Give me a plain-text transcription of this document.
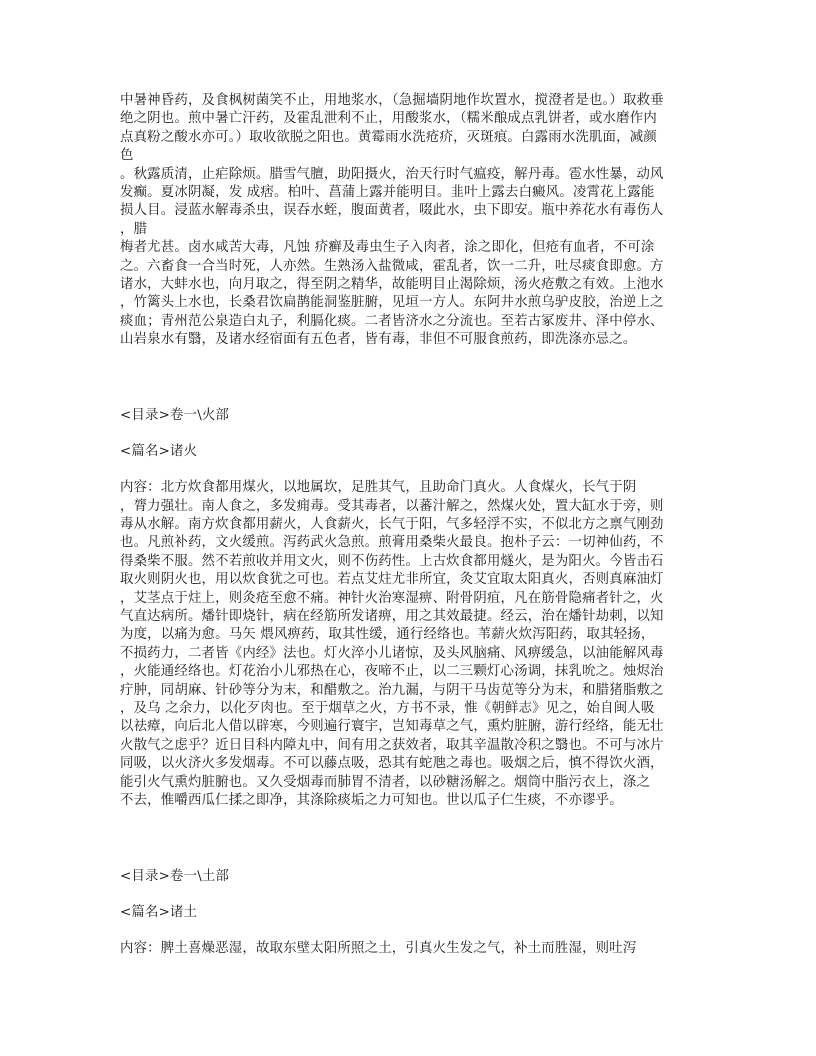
中暑神昏药，及食枫树菌笑不止，用地浆水，（急掘墙阴地作坎置水，搅澄者是也。）取救垂
绝之阴也。煎中暑亡汗药，及霍乱泄利不止，用酸浆水，（糯米酿成点乳饼者，或水磨作内
点真粉之酸水亦可。）取收欲脱之阳也。黄霉雨水洗疮疥，灭斑痕。白露雨水洗肌面，减颜
色
。秋露质清，止疟除烦。腊雪气膻，助阳摄火，治天行时气瘟疫，解丹毒。雹水性暴，动风
发癫。夏冰阴凝，发 成痞。柏叶、菖蒲上露并能明目。韭叶上露去白癜风。凌霄花上露能
损人目。浸蓝水解毒杀虫，误吞水蛭，腹面黄者，啜此水，虫下即安。瓶中养花水有毒伤人
，腊
梅者尤甚。卤水咸苦大毒，凡蚀 疥癣及毒虫生子入肉者，涂之即化，但疮有血者，不可涂
之。六畜食一合当时死，人亦然。生熟汤入盐微咸，霍乱者，饮一二升，吐尽痰食即愈。方
诸水，大蚌水也，向月取之，得至阴之精华，故能明目止渴除烦，汤火疮敷之有效。上池水
，竹篱头上水也，长桑君饮扁鹊能洞鉴脏腑，见垣一方人。东阿井水煎乌驴皮胶，治逆上之
痰血；青州范公泉造白丸子，利膈化痰。二者皆济水之分流也。至若古冢废井、泽中停水、
山岩泉水有翳，及诸水经宿面有五色者，皆有毒，非但不可服食煎药，即洗涤亦忌之。
<目录>卷一\火部
<篇名>诸火
内容：北方炊食都用煤火，以地属坎，足胜其气，且助命门真火。人食煤火，长气于阴
，膂力强壮。南人食之，多发痈毒。受其毒者，以蕃汁解之，然煤火处，置大缸水于旁，则
毒从水解。南方炊食都用薪火，人食薪火，长气于阳，气多轻浮不实，不似北方之禀气刚劲
也。凡煎补药，文火缓煎。泻药武火急煎。煎膏用桑柴火最良。抱朴子云：一切神仙药，不
得桑柴不服。然不若煎收并用文火，则不伤药性。上古炊食都用燧火，是为阳火。今皆击石
取火则阴火也，用以炊食犹之可也。若点艾炷尤非所宜，灸艾宜取太阳真火，否则真麻油灯
，艾茎点于炷上，则灸疮至愈不痛。神针火治寒湿痹、附骨阴疽，凡在筋骨隐痛者针之，火
气直达病所。燔针即烧针，病在经筋所发诸痹，用之其效最捷。经云，治在燔针劫刺，以知
为度，以痛为愈。马矢 煨风痹药，取其性缓，通行经络也。苇薪火炊泻阳药，取其轻扬，
不损药力，二者皆《内经》法也。灯火淬小儿诸惊，及头风脑痛、风痹缓急，以油能解风毒
，火能通经络也。灯花治小儿邪热在心，夜啼不止，以二三颗灯心汤调，抹乳吮之。烛烬治
疔肿，同胡麻、针砂等分为末，和醋敷之。治九漏，与阴干马齿苋等分为末，和腊猪脂敷之
，及乌 之余力，以化歹肉也。至于烟草之火，方书不录，惟《朝鲜志》见之，始自闽人吸
以祛瘴，向后北人借以辟寒，今则遍行寰宇，岂知毒草之气，熏灼脏腑，游行经络，能无壮
火散气之虑乎？近日目科内障丸中，间有用之获效者，取其辛温散冷积之翳也。不可与冰片
同吸，以火济火多发烟毒。不可以藤点吸，恐其有蛇虺之毒也。吸烟之后，慎不得饮火酒，
能引火气熏灼脏腑也。又久受烟毒而肺胃不清者，以砂糖汤解之。烟筒中脂污衣上，涤之
不去，惟嚼西瓜仁揉之即净，其涤除痰垢之力可知也。世以瓜子仁生痰，不亦谬乎。
<目录>卷一\土部
<篇名>诸土
内容：脾土喜燥恶湿，故取东壁太阳所照之土，引真火生发之气，补土而胜湿，则吐泻
